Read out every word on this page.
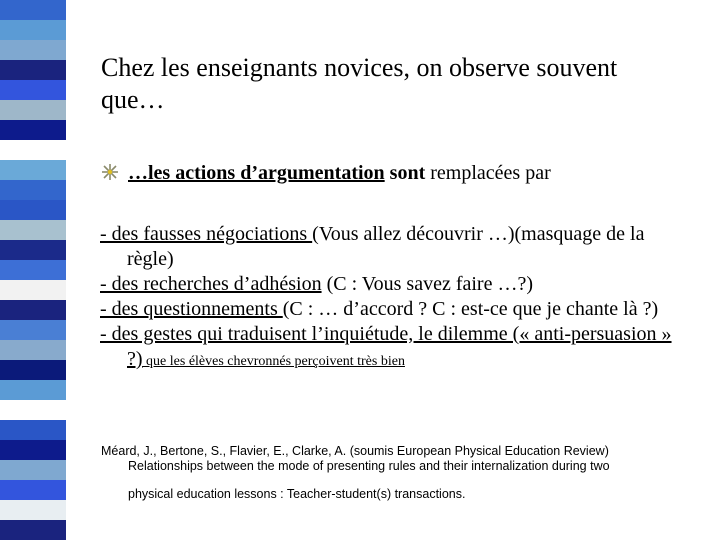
Chez les enseignants novices, on observe souvent que…
…les actions d’argumentation sont remplacées par
- des fausses négociations (Vous allez découvrir …)(masquage de la règle)
- des recherches d’adhésion (C : Vous savez faire …?)
- des questionnements (C : … d’accord ? C : est-ce que je chante là ?)
- des gestes qui traduisent l’inquiétude, le dilemme (« anti-persuasion » ?) que les élèves chevronnés perçoivent très bien
Méard, J., Bertone, S., Flavier, E., Clarke, A. (soumis European Physical Education Review)
Relationships between the mode of presenting rules and their internalization during two
physical education lessons : Teacher-student(s) transactions.
